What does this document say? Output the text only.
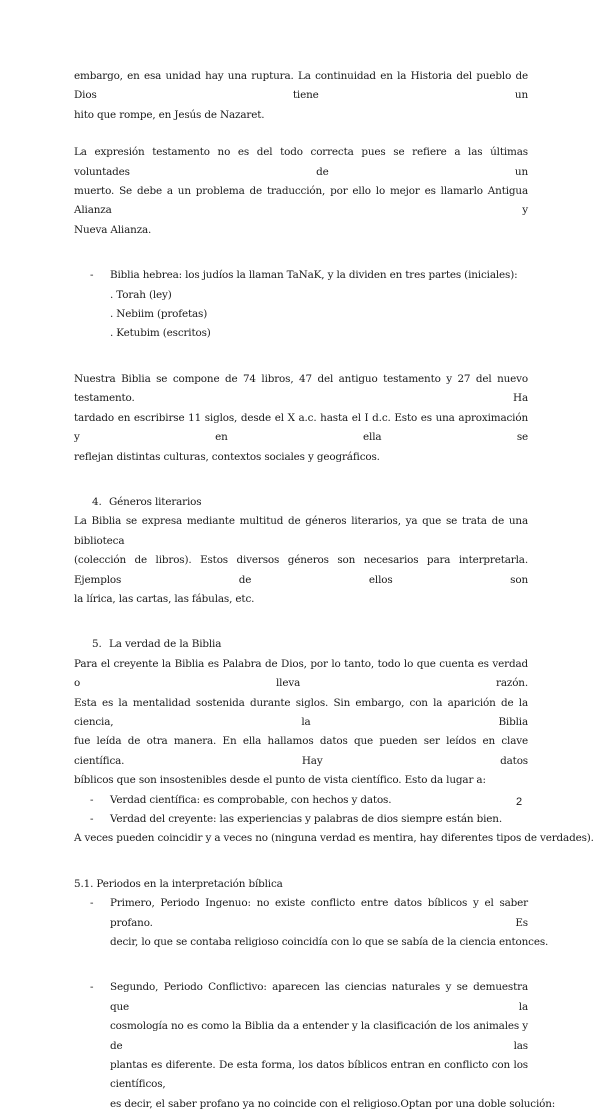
embargo, en esa unidad hay una ruptura. La continuidad en la Historia del pueblo de Dios tiene un
hito que rompe, en Jesús de Nazaret.
La expresión testamento no es del todo correcta pues se refiere a las últimas voluntades de un
muerto. Se debe a un problema de traducción, por ello lo mejor es llamarlo Antigua Alianza y
Nueva Alianza.
- Biblia hebrea: los judíos la llaman TaNaK, y la dividen en tres partes (iniciales):
. Torah (ley)
. Nebiim (profetas)
. Ketubim (escritos)
Nuestra Biblia se compone de 74 libros, 47 del antiguo testamento y 27 del nuevo testamento. Ha
tardado en escribirse 11 siglos, desde el X a.c. hasta el I d.c. Esto es una aproximación y en ella se
reflejan distintas culturas, contextos sociales y geográficos.
4. Géneros literarios
La Biblia se expresa mediante multitud de géneros literarios, ya que se trata de una biblioteca
(colección de libros). Estos diversos géneros son necesarios para interpretarla. Ejemplos de ellos son
la lírica, las cartas, las fábulas, etc.
5. La verdad de la Biblia
Para el creyente la Biblia es Palabra de Dios, por lo tanto, todo lo que cuenta es verdad o lleva razón.
Esta es la mentalidad sostenida durante siglos. Sin embargo, con la aparición de la ciencia, la Biblia
fue leída de otra manera. En ella hallamos datos que pueden ser leídos en clave científica. Hay datos
bíblicos que son insostenibles desde el punto de vista científico. Esto da lugar a:
- Verdad científica: es comprobable, con hechos y datos.
- Verdad del creyente: las experiencias y palabras de dios siempre están bien.
A veces pueden coincidir y a veces no (ninguna verdad es mentira, hay diferentes tipos de verdades).
5.1. Periodos en la interpretación bíblica
- Primero, Periodo Ingenuo: no existe conflicto entre datos bíblicos y el saber profano. Es
decir, lo que se contaba religioso coincidía con lo que se sabía de la ciencia entonces.
- Segundo, Periodo Conflictivo: aparecen las ciencias naturales y se demuestra que la
cosmología no es como la Biblia da a entender y la clasificación de los animales y de las
plantas es diferente. De esta forma, los datos bíblicos entran en conflicto con los científicos,
es decir, el saber profano ya no coincide con el religioso.Optan por una doble solución:
2
